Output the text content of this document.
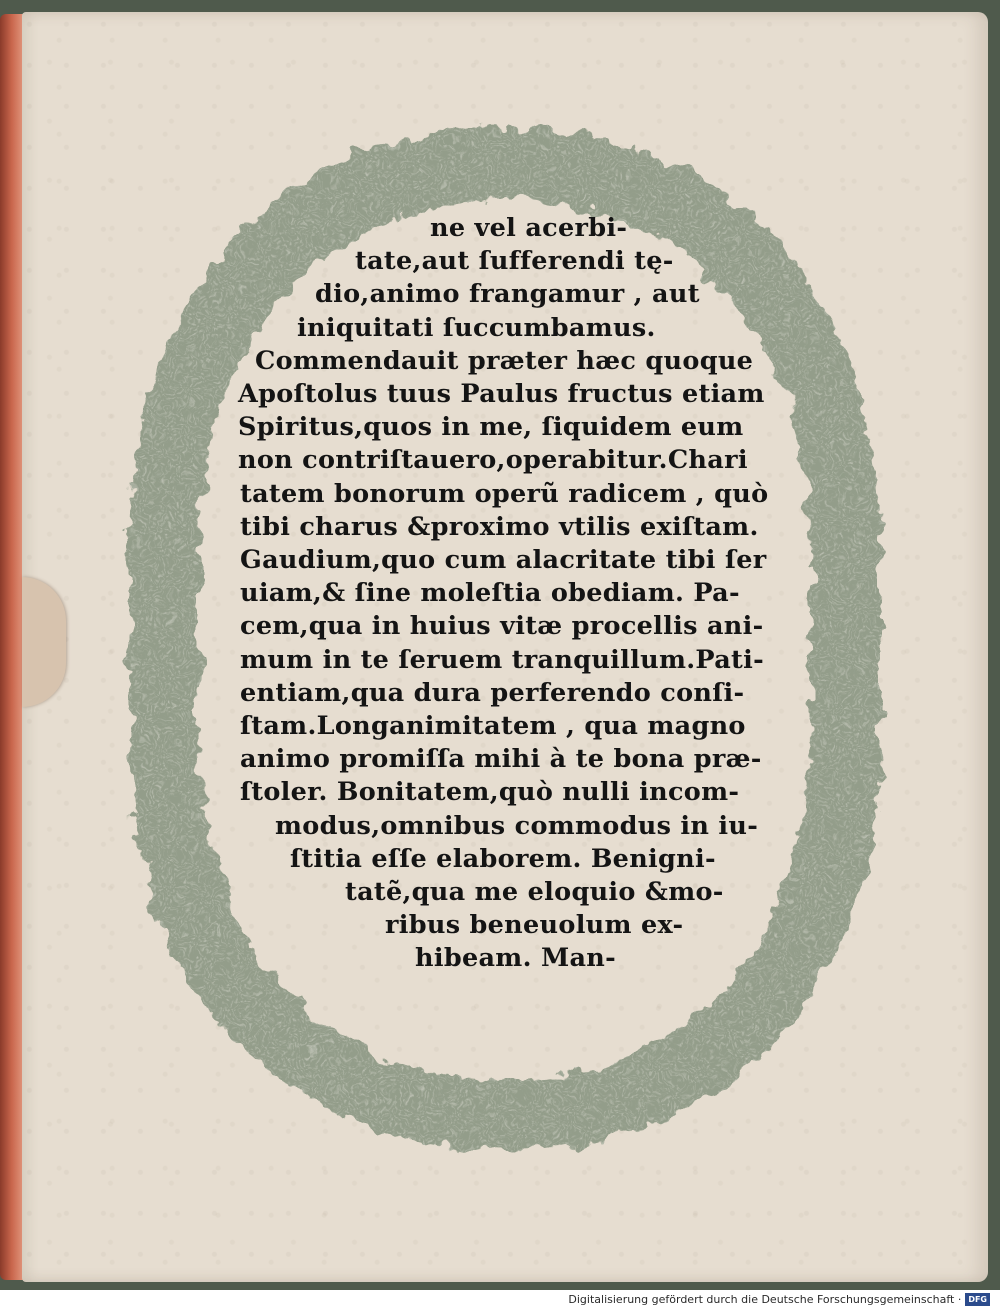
ne vel acerbi-
tate,aut ſufferendi tę-
dio,animo frangamur , aut
iniquitati ſuccumbamus.
Commendauit præter hæc quoque
Apoſtolus tuus Paulus fructus etiam
Spiritus,quos in me, ſiquidem eum
non contriſtauero,operabitur.Chari
tatem bonorum operũ radicem , quò
tibi charus &proximo vtilis exiſtam.
Gaudium,quo cum alacritate tibi ſer
uiam,& ſine moleſtia obediam. Pa-
cem,qua in huius vitæ procellis ani-
mum in te ſeruem tranquillum.Pati-
entiam,qua dura perferendo conſi-
ſtam.Longanimitatem , qua magno
animo promiſſa mihi à te bona præ-
ſtoler. Bonitatem,quò nulli incom-
modus,omnibus commodus in iu-
ſtitia eſſe elaborem. Benigni-
tatẽ,qua me eloquio &mo-
ribus beneuolum ex-
hibeam. Man-
Digitalisierung gefördert durch die Deutsche Forschungsgemeinschaft · DFG
